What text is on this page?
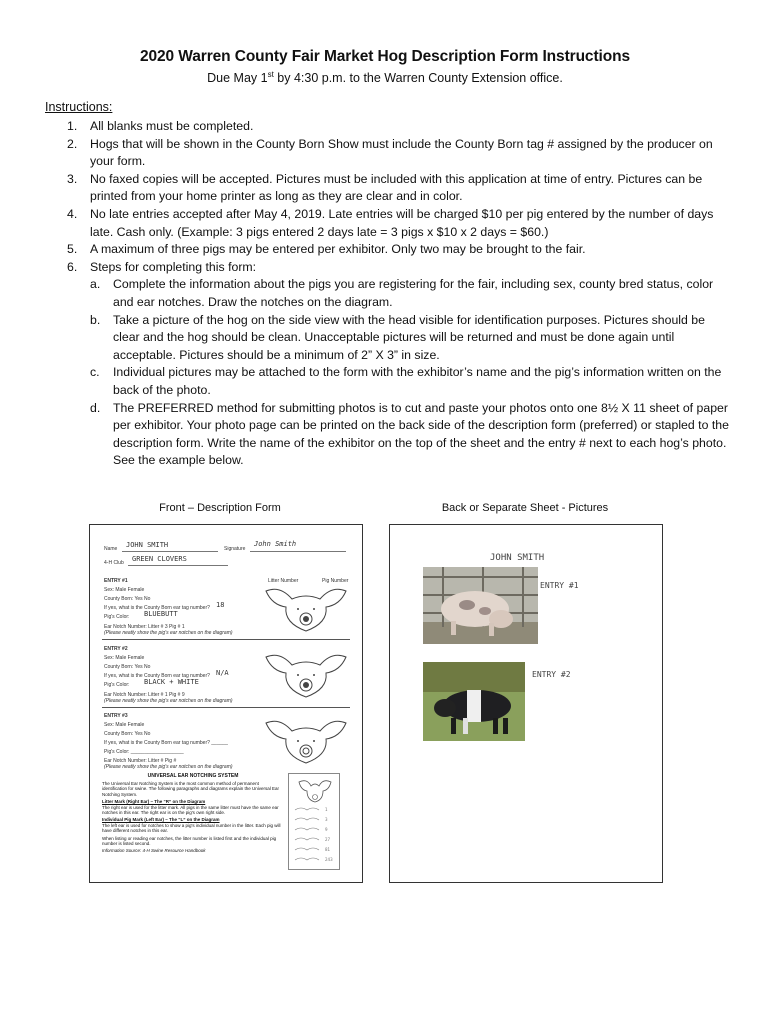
2020 Warren County Fair Market Hog Description Form Instructions
Due May 1st by 4:30 p.m. to the Warren County Extension office.
Instructions:
1. All blanks must be completed.
2. Hogs that will be shown in the County Born Show must include the County Born tag # assigned by the producer on your form.
3. No faxed copies will be accepted. Pictures must be included with this application at time of entry. Pictures can be printed from your home printer as long as they are clear and in color.
4. No late entries accepted after May 4, 2019. Late entries will be charged $10 per pig entered by the number of days late. Cash only. (Example: 3 pigs entered 2 days late = 3 pigs x $10 x 2 days = $60.)
5. A maximum of three pigs may be entered per exhibitor. Only two may be brought to the fair.
6. Steps for completing this form:
a. Complete the information about the pigs you are registering for the fair, including sex, county bred status, color and ear notches. Draw the notches on the diagram.
b. Take a picture of the hog on the side view with the head visible for identification purposes. Pictures should be clear and the hog should be clean. Unacceptable pictures will be returned and must be done again until acceptable. Pictures should be a minimum of 2” X 3” in size.
c. Individual pictures may be attached to the form with the exhibitor’s name and the pig’s information written on the back of the photo.
d. The PREFERRED method for submitting photos is to cut and paste your photos onto one 8½ X 11 sheet of paper per exhibitor. Your photo page can be printed on the back side of the description form (preferred) or stapled to the description form. Write the name of the exhibitor on the top of the sheet and the entry # next to each hog’s photo. See the example below.
Front – Description Form	Back or Separate Sheet - Pictures
Name JOHN SMITH	Signature
John Smith
4-H Club GREEN CLOVERS
ENTRY #1
Sex: Male Female
County Born: Yes No
If yes, what is the County Born ear tag number? 18
Pig's Color: BLUEBUTT
Ear Notch Number: Litter # 3 Pig # 1
(Please neatly show the pig's ear notches on the diagram)
Litter Number	Pig Number
ENTRY #2
Sex: Male Female
County Born: Yes No
If yes, what is the County Born ear tag number? N/A
Pig's Color: BLACK + WHITE
Ear Notch Number: Litter # 1 Pig # 9
(Please neatly show the pig's ear notches on the diagram)
ENTRY #3
Sex: Male Female
County Born: Yes No
If yes, what is the County Born ear tag number? ______
Pig's Color: ___________________
Ear Notch Number: Litter # Pig #
(Please neatly show the pig's ear notches on the diagram)
UNIVERSAL EAR NOTCHING SYSTEM
The Universal Ear Notching System is the most common method of permanent identification for swine. The following paragraphs and diagrams explain the Universal Ear Notching System.
Litter Mark (Right Ear) – The “R” on the Diagram
The right ear is used for the litter mark. All pigs in the same litter must have the same ear notches in this ear. The right ear is on the pig's own right side.
Individual Pig Mark (Left Ear) – The “L” on the Diagram
The left ear is used for notches to show a pig's individual number in the litter. Each pig will have different notches in this ear.
When listing or reading ear notches, the litter number is listed first and the individual pig number is listed second.
Information Source: 4-H Swine Resource Handbook
1
3
9
27
81
243
JOHN SMITH
ENTRY #1
ENTRY #2
